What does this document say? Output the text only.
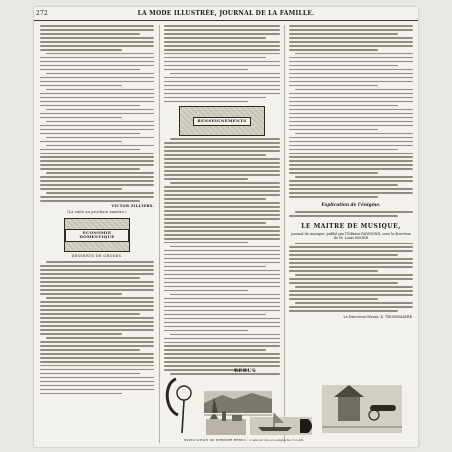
272	LA MODE ILLUSTRÉE, JOURNAL DE LA FAMILLE.
VICTOR ZILLIERS.
(La suite au prochain numéro.)
ÉCONOMIE DOMESTIQUE
DESSERTS DE GROSES.
RENSEIGNEMENTS
Explication de l'énigme.
LE MAITRE DE MUSIQUE,
journal de musique, publié par l'Éditeur RAYMOND, sous la direction de M. Louis ROGER
Le Directeur-Gérant, E. THOMSMAYRE.
RÉBUS
EXPLICATION DU DERNIER RÉBUS : L'amour du sol empêche l'oubli.
